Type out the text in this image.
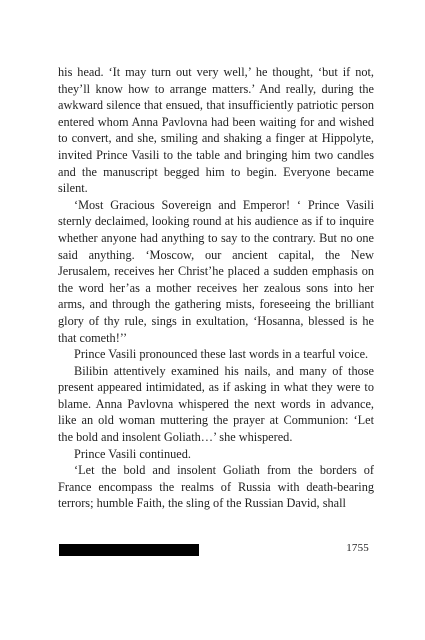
his head. ‘It may turn out very well,’ he thought, ‘but if not, they’ll know how to arrange matters.’ And really, during the awkward silence that ensued, that insufficiently patriotic person entered whom Anna Pavlovna had been waiting for and wished to convert, and she, smiling and shaking a finger at Hippolyte, invited Prince Vasili to the table and bringing him two candles and the manuscript begged him to begin. Everyone became silent.

‘Most Gracious Sovereign and Emperor! ‘ Prince Vasili sternly declaimed, looking round at his audience as if to inquire whether anyone had anything to say to the contrary. But no one said anything. ‘Moscow, our ancient capital, the New Jerusalem, receives her Christ’he placed a sudden emphasis on the word her’as a mother receives her zealous sons into her arms, and through the gathering mists, foreseeing the brilliant glory of thy rule, sings in exultation, ‘Hosanna, blessed is he that cometh!’’

Prince Vasili pronounced these last words in a tearful voice.

Bilibin attentively examined his nails, and many of those present appeared intimidated, as if asking in what they were to blame. Anna Pavlovna whispered the next words in advance, like an old woman muttering the prayer at Communion: ‘Let the bold and insolent Goliath…’ she whispered.

Prince Vasili continued.

‘Let the bold and insolent Goliath from the borders of France encompass the realms of Russia with death-bearing terrors; humble Faith, the sling of the Russian David, shall

1755
